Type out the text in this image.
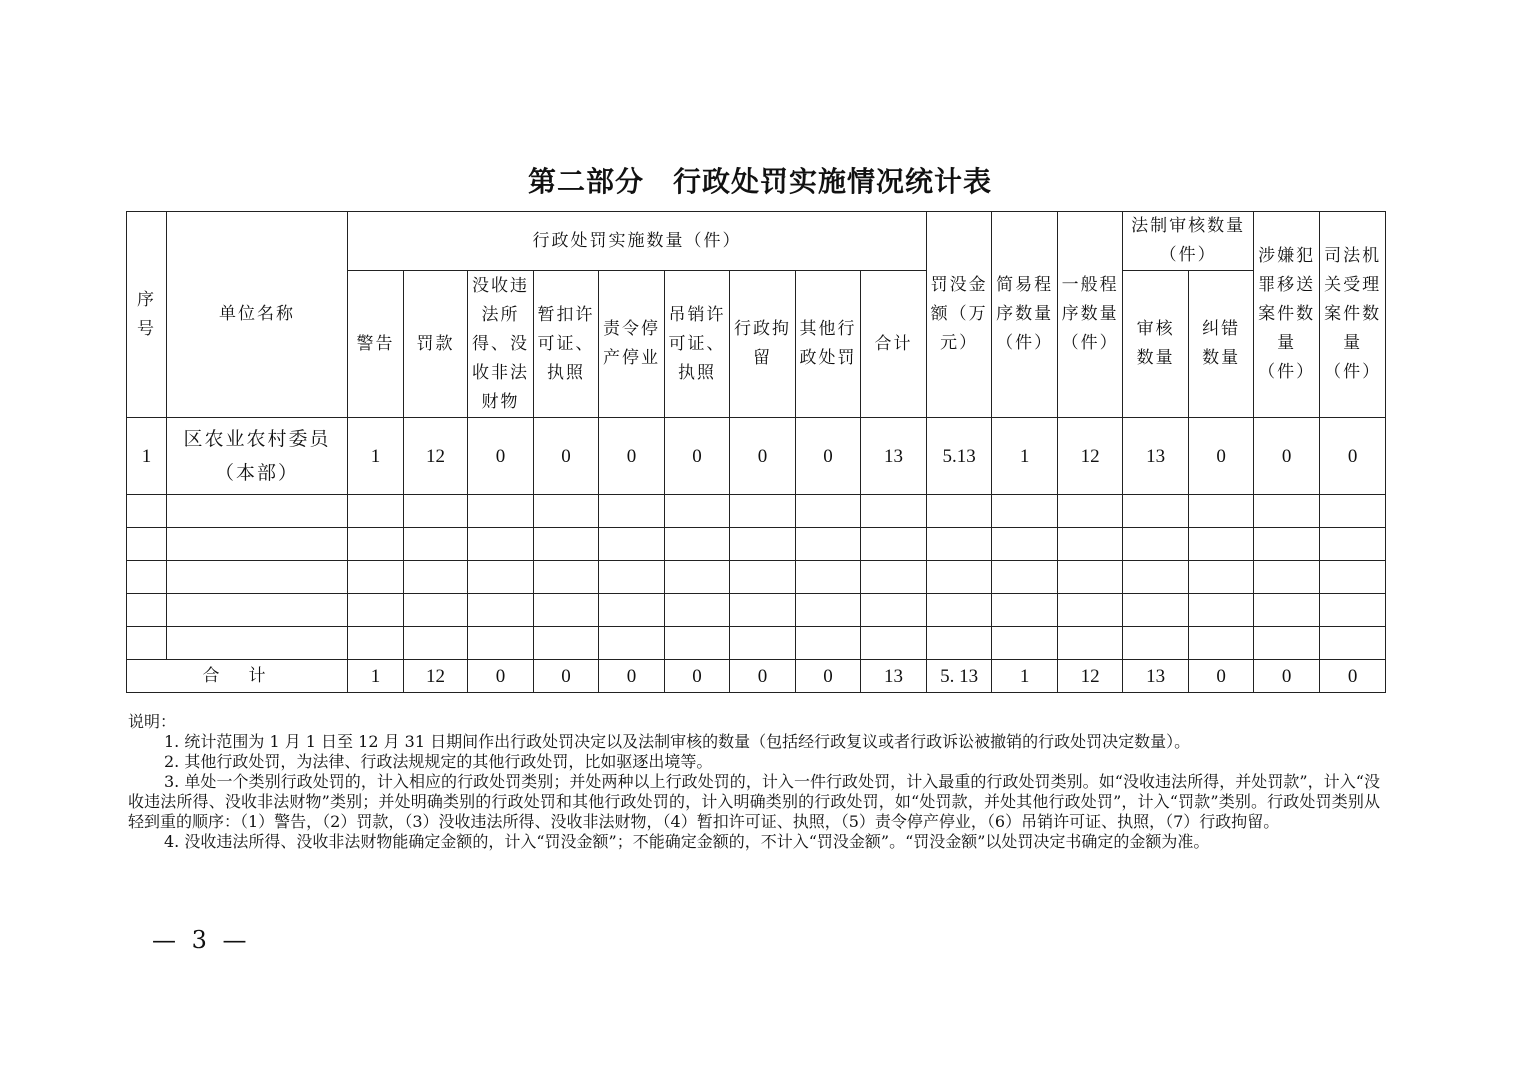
第二部分　行政处罚实施情况统计表
序号	单位名称	行政处罚实施数量（件）									罚没金额（万元）	简易程序数量（件）	一般程序数量（件）	法制审核数量（件）		涉嫌犯罪移送案件数量（件）	司法机关受理案件数量（件）
		警告	罚款	没收违法所得、没收非法财物	暂扣许可证、执照	责令停产停业	吊销许可证、执照	行政拘留	其他行政处罚	合计				审核数量	纠错数量		
1	区农业农村委员
（本部）	1	12	0	0	0	0	0	0	13	5.13	1	12	13	0	0	0

合　计		1	12	0	0	0	0	0	0	13	5. 13	1	12	13	0	0	0

说明：

1. 统计范围为 1 月 1 日至 12 月 31 日期间作出行政处罚决定以及法制审核的数量（包括经行政复议或者行政诉讼被撤销的行政处罚决定数量）。

2. 其他行政处罚，为法律、行政法规规定的其他行政处罚，比如驱逐出境等。

3. 单处一个类别行政处罚的，计入相应的行政处罚类别；并处两种以上行政处罚的，计入一件行政处罚，计入最重的行政处罚类别。如“没收违法所得，并处罚款”，计入“没收违法所得、没收非法财物”类别；并处明确类别的行政处罚和其他行政处罚的，计入明确类别的行政处罚，如“处罚款，并处其他行政处罚”，计入“罚款”类别。行政处罚类别从轻到重的顺序：（1）警告，（2）罚款，（3）没收违法所得、没收非法财物，（4）暂扣许可证、执照，（5）责令停产停业，（6）吊销许可证、执照，（7）行政拘留。

4. 没收违法所得、没收非法财物能确定金额的，计入“罚没金额”；不能确定金额的，不计入“罚没金额”。“罚没金额”以处罚决定书确定的金额为准。

— 3 —
